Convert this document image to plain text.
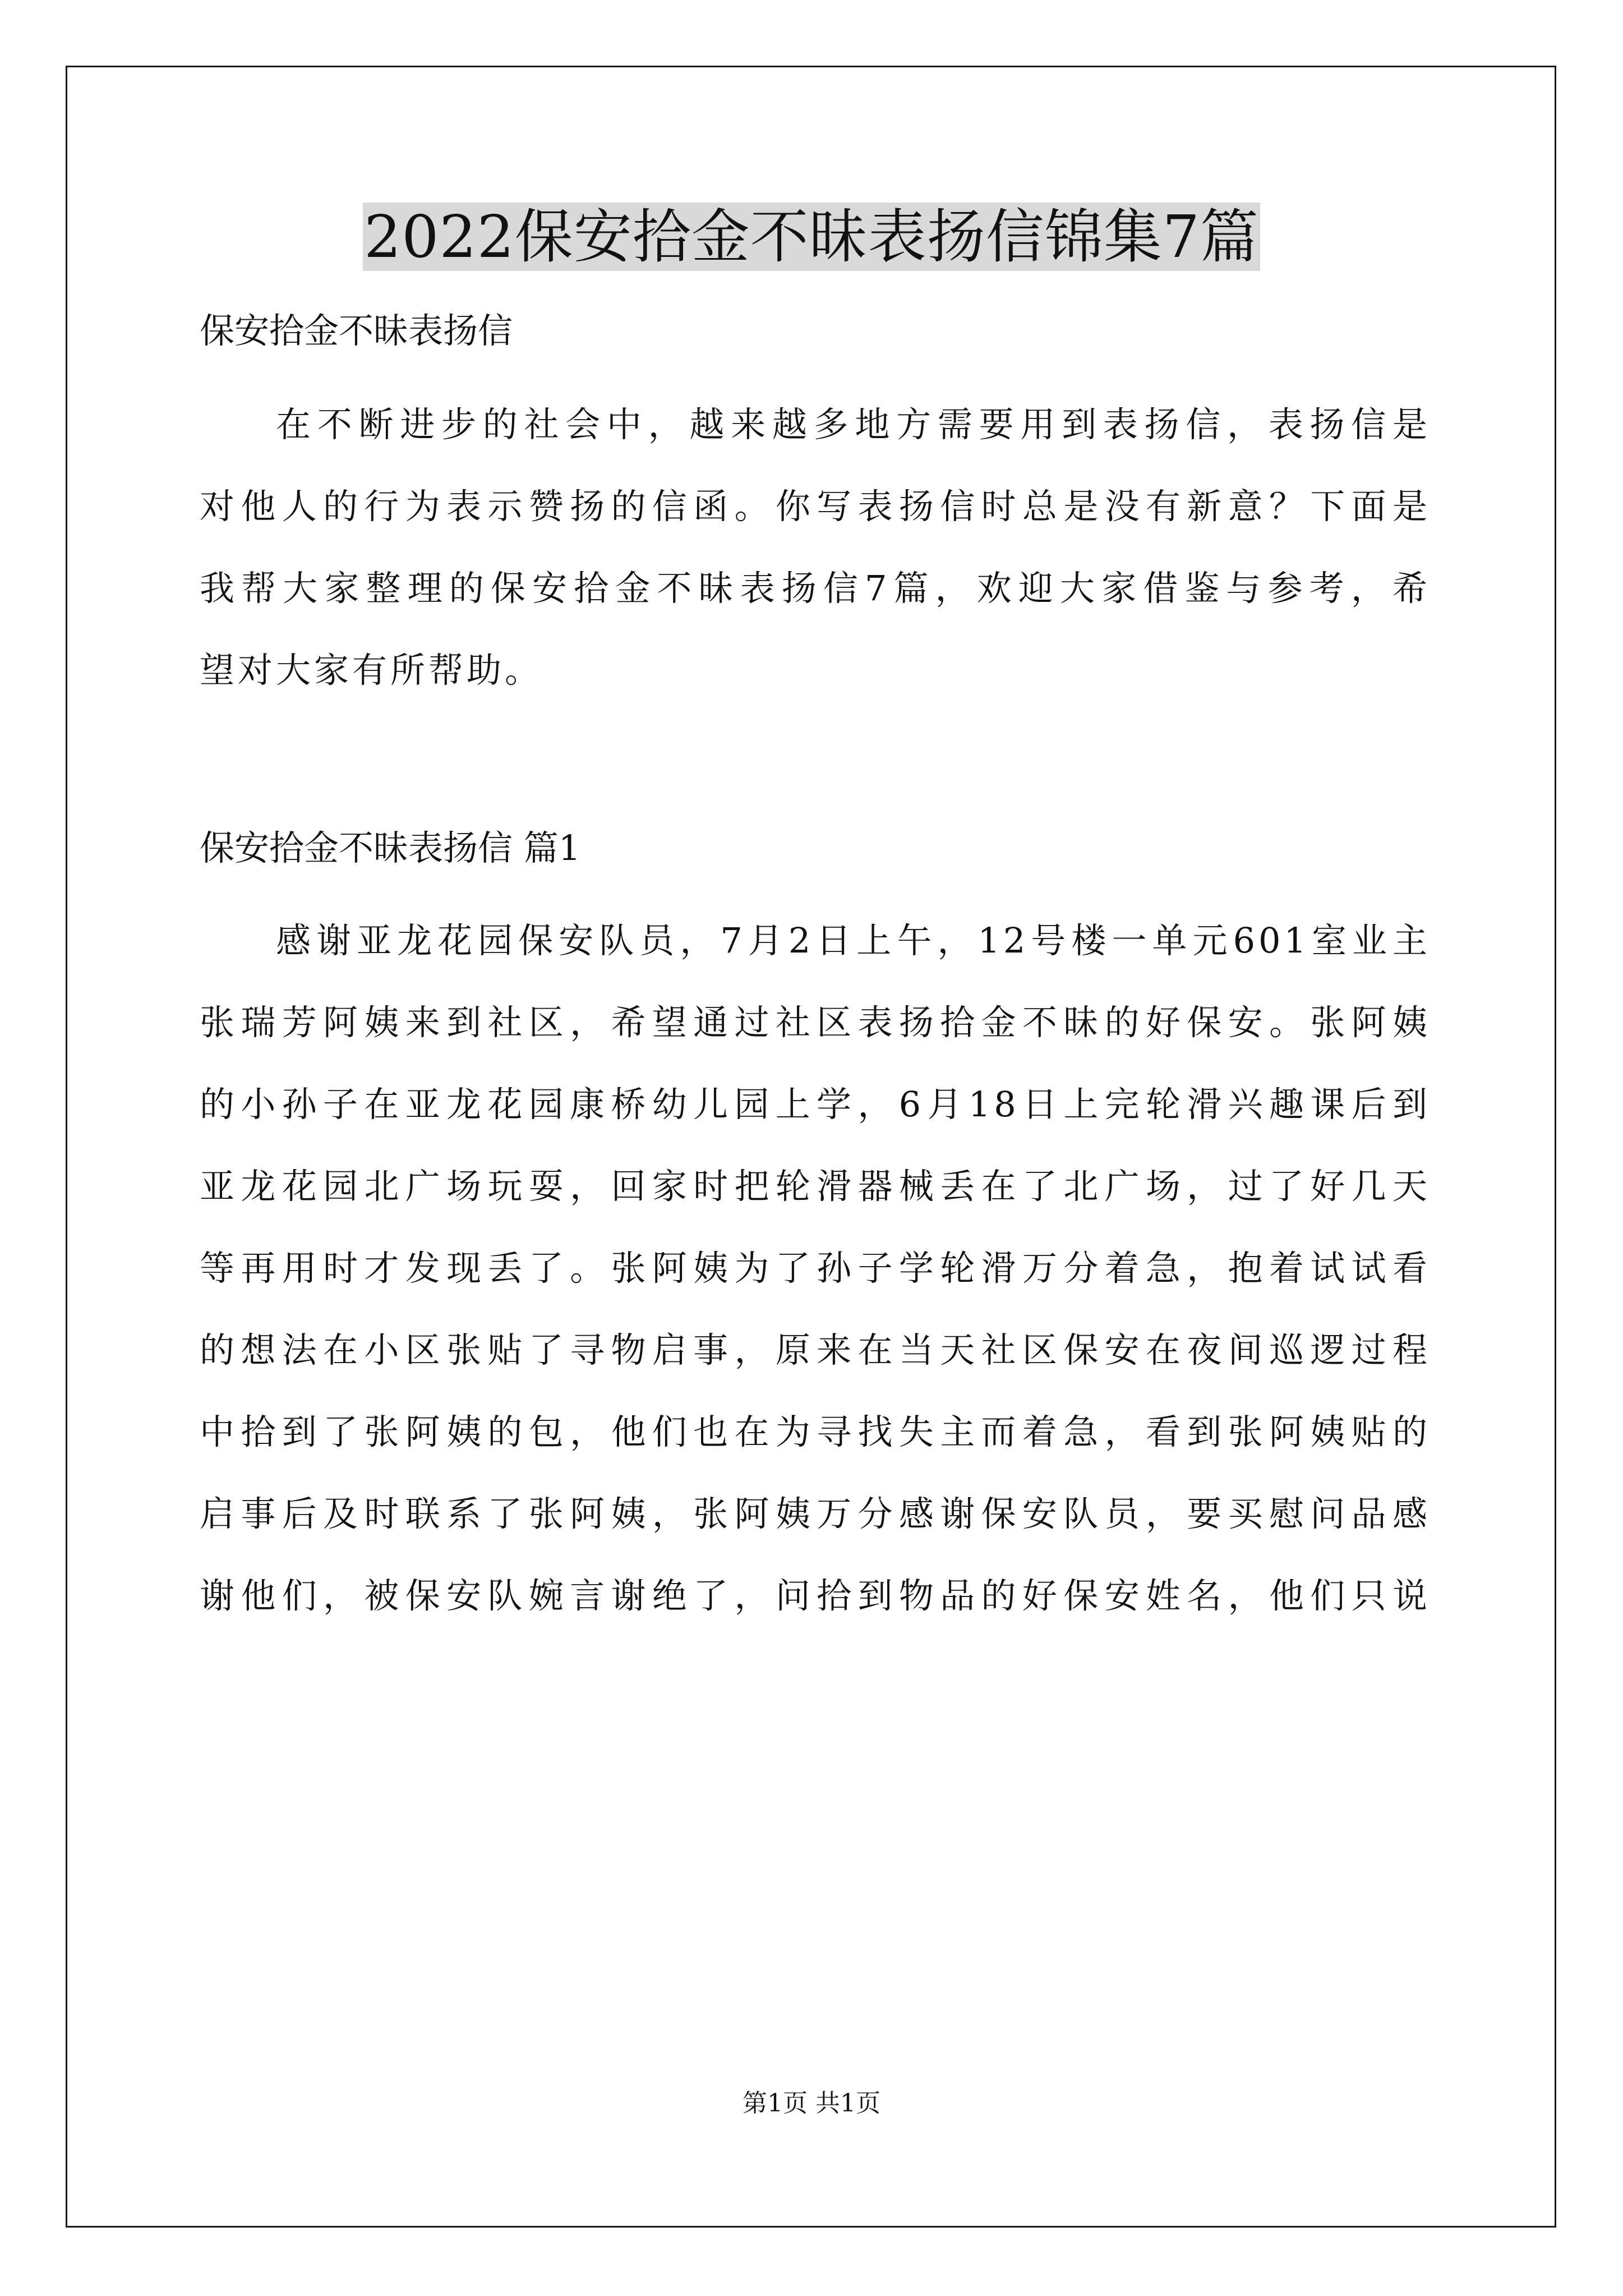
2022保安拾金不昧表扬信锦集7篇

保安拾金不昧表扬信

在不断进步的社会中，越来越多地方需要用到表扬信，表扬信是
对他人的行为表示赞扬的信函。你写表扬信时总是没有新意？下面是
我帮大家整理的保安拾金不昧表扬信7篇，欢迎大家借鉴与参考，希
望对大家有所帮助。

保安拾金不昧表扬信 篇1

感谢亚龙花园保安队员，7月2日上午，12号楼一单元601室业主
张瑞芳阿姨来到社区，希望通过社区表扬拾金不昧的好保安。张阿姨
的小孙子在亚龙花园康桥幼儿园上学，6月18日上完轮滑兴趣课后到
亚龙花园北广场玩耍，回家时把轮滑器械丢在了北广场，过了好几天
等再用时才发现丢了。张阿姨为了孙子学轮滑万分着急，抱着试试看
的想法在小区张贴了寻物启事，原来在当天社区保安在夜间巡逻过程
中拾到了张阿姨的包，他们也在为寻找失主而着急，看到张阿姨贴的
启事后及时联系了张阿姨，张阿姨万分感谢保安队员，要买慰问品感
谢他们，被保安队婉言谢绝了，问拾到物品的好保安姓名，他们只说
第1页 共1页
